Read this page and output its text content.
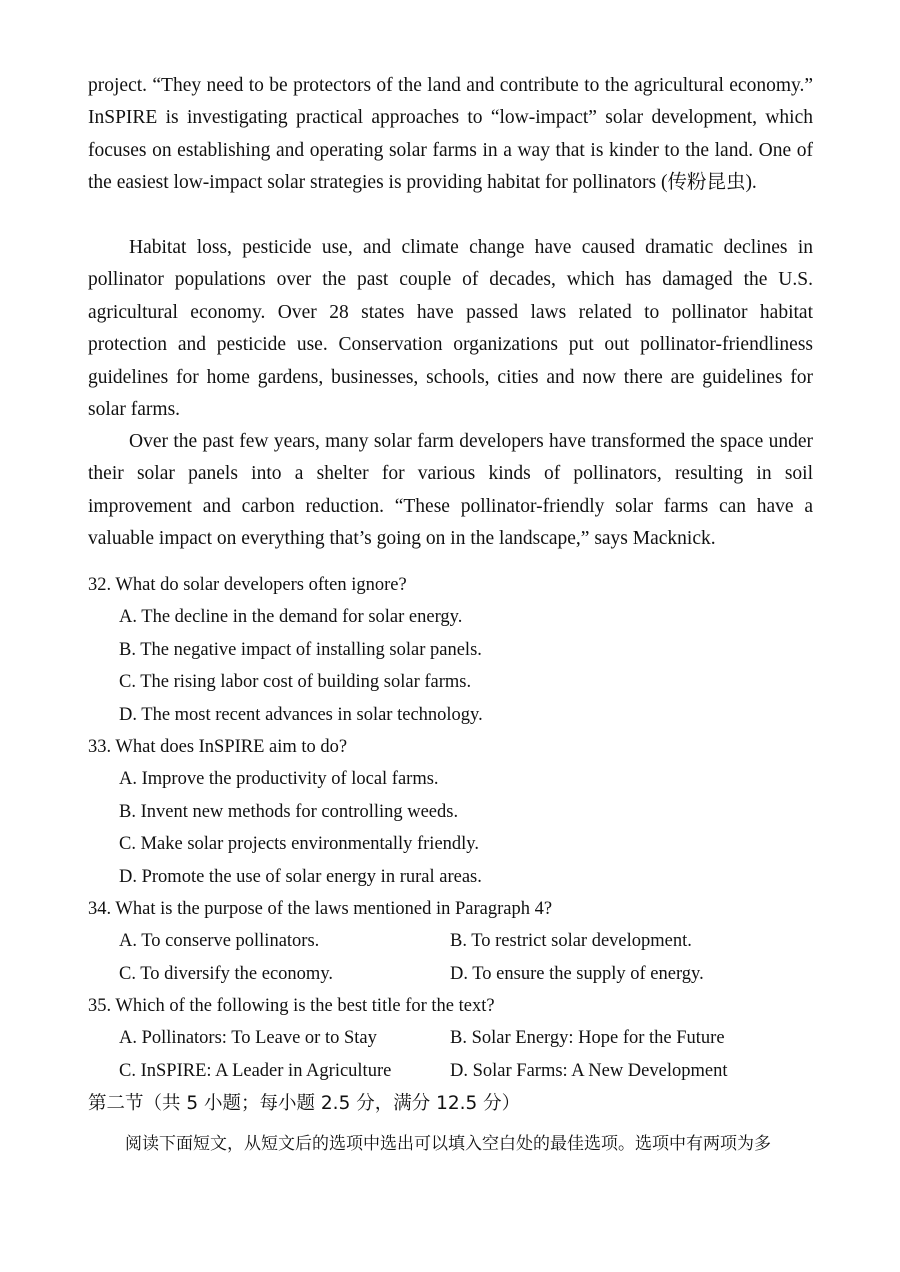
project. “They need to be protectors of the land and contribute to the agricultural economy.” InSPIRE is investigating practical approaches to “low-impact” solar development, which focuses on establishing and operating solar farms in a way that is kinder to the land. One of the easiest low-impact solar strategies is providing habitat for pollinators (传粉昆虫).

Habitat loss, pesticide use, and climate change have caused dramatic declines in pollinator populations over the past couple of decades, which has damaged the U.S. agricultural economy. Over 28 states have passed laws related to pollinator habitat protection and pesticide use. Conservation organizations put out pollinator-friendliness guidelines for home gardens, businesses, schools, cities and now there are guidelines for solar farms.

Over the past few years, many solar farm developers have transformed the space under their solar panels into a shelter for various kinds of pollinators, resulting in soil improvement and carbon reduction. “These pollinator-friendly solar farms can have a valuable impact on everything that’s going on in the landscape,” says Macknick.

32. What do solar developers often ignore?
A. The decline in the demand for solar energy.
B. The negative impact of installing solar panels.
C. The rising labor cost of building solar farms.
D. The most recent advances in solar technology.
33. What does InSPIRE aim to do?
A. Improve the productivity of local farms.
B. Invent new methods for controlling weeds.
C. Make solar projects environmentally friendly.
D. Promote the use of solar energy in rural areas.
34. What is the purpose of the laws mentioned in Paragraph 4?
A. To conserve pollinators.	B. To restrict solar development.
C. To diversify the economy.	D. To ensure the supply of energy.
35. Which of the following is the best title for the text?
A. Pollinators: To Leave or to Stay	B. Solar Energy: Hope for the Future
C. InSPIRE: A Leader in Agriculture	D. Solar Farms: A New Development
第二节（共 5 小题；每小题 2.5 分，满分 12.5 分）
阅读下面短文，从短文后的选项中选出可以填入空白处的最佳选项。选项中有两项为多
